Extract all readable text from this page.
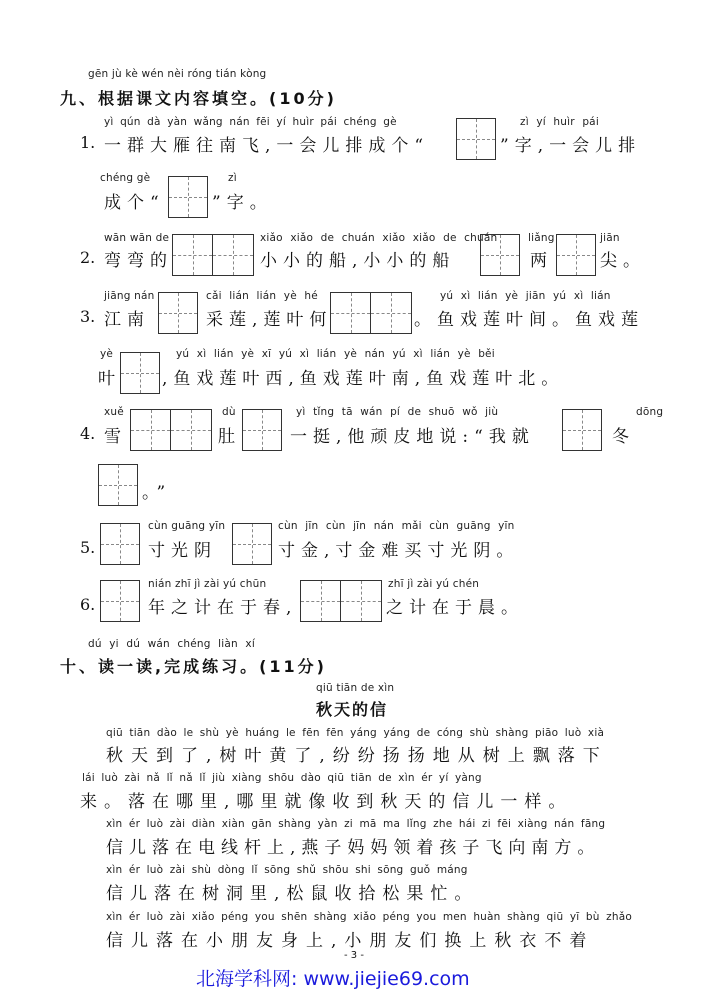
gēn jù kè wén nèi róng tián kòng
九、根据课文内容填空。(10分)
yì qún dà yàn wǎng nán fēi yí huìr pái chéng gè
1. 一群大雁往南飞,一会儿排成个“
zì yí huìr pái
”字,一会儿排
chéng gè
成个“
zì
”字。
wān wān de
2. 弯弯的
xiǎo xiǎo de chuán xiǎo xiǎo de chuán
小小的船,小小的船
liǎng
两
jiān
尖。
jiāng nán
3. 江南
cǎi lián lián yè hé
采莲,莲叶何
yú xì lián yè jiān yú xì lián
。鱼戏莲叶间。鱼戏莲
yè
叶
yú xì lián yè xī yú xì lián yè nán yú xì lián yè běi
,鱼戏莲叶西,鱼戏莲叶南,鱼戏莲叶北。
xuě
4. 雪
dù
肚
yì tǐng tā wán pí de shuō wǒ jiù
一挺,他顽皮地说:“我就
dōng
冬
。”
cùn guāng yīn
5.	寸光阴
cùn jīn cùn jīn nán mǎi cùn guāng yīn
寸金,寸金难买寸光阴。
nián zhī jì zài yú chūn
6.	年之计在于春,
zhī jì zài yú chén
之计在于晨。
dú yi dú wán chéng liàn xí
十、读一读,完成练习。(11分)
qiū tiān de xìn
秋天的信
qiū tiān dào le shù yè huáng le fēn fēn yáng yáng de cóng shù shàng piāo luò xià
秋天到了,树叶黄了,纷纷扬扬地从树上飘落下
lái luò zài nǎ lǐ nǎ lǐ jiù xiàng shōu dào qiū tiān de xìn ér yí yàng
来。落在哪里,哪里就像收到秋天的信儿一样。
xìn ér luò zài diàn xiàn gān shàng yàn zi mā ma lǐng zhe hái zi fēi xiàng nán fāng
信儿落在电线杆上,燕子妈妈领着孩子飞向南方。
xìn ér luò zài shù dòng lǐ sōng shǔ shōu shi sōng guǒ máng
信儿落在树洞里,松鼠收拾松果忙。
xìn ér luò zài xiǎo péng you shēn shàng xiǎo péng you men huàn shàng qiū yī bù zhǎo
信儿落在小朋友身上,小朋友们换上秋衣不着
- 3 -
北海学科网: www.jiejie69.com
